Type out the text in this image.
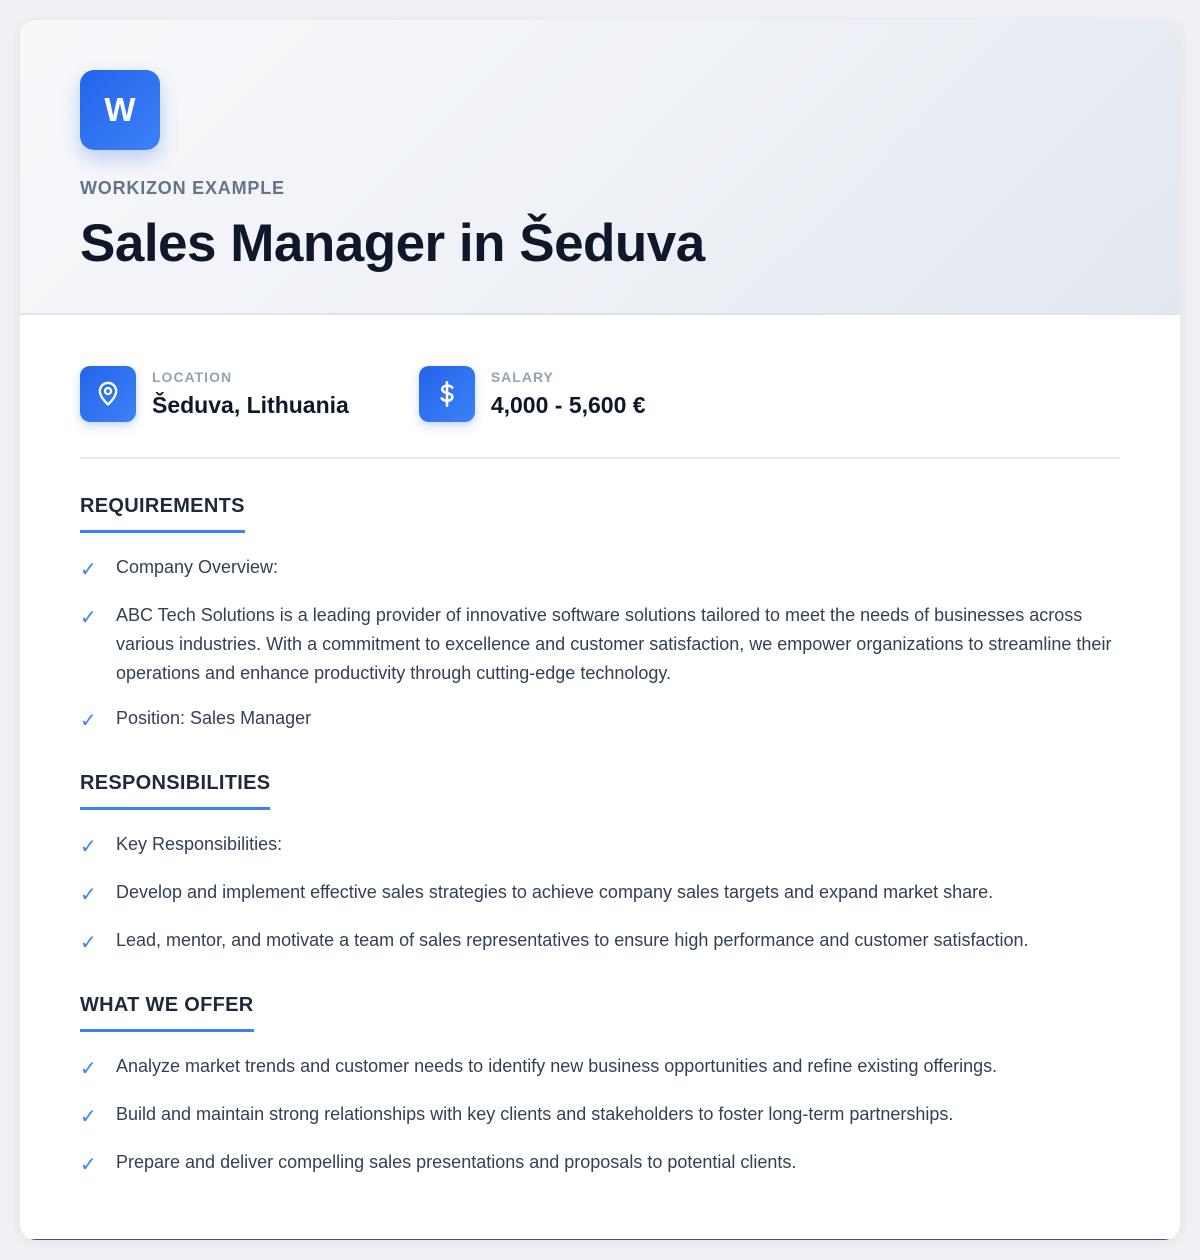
W
WORKIZON EXAMPLE
Sales Manager in Šeduva
LOCATION
Šeduva, Lithuania
SALARY
4,000 - 5,600 €
REQUIREMENTS
✓	Company Overview:
✓	ABC Tech Solutions is a leading provider of innovative software solutions tailored to meet the needs of businesses across various industries. With a commitment to excellence and customer satisfaction, we empower organizations to streamline their operations and enhance productivity through cutting-edge technology.
✓	Position: Sales Manager
RESPONSIBILITIES
✓	Key Responsibilities:
✓	Develop and implement effective sales strategies to achieve company sales targets and expand market share.
✓	Lead, mentor, and motivate a team of sales representatives to ensure high performance and customer satisfaction.
WHAT WE OFFER
✓	Analyze market trends and customer needs to identify new business opportunities and refine existing offerings.
✓	Build and maintain strong relationships with key clients and stakeholders to foster long-term partnerships.
✓	Prepare and deliver compelling sales presentations and proposals to potential clients.
